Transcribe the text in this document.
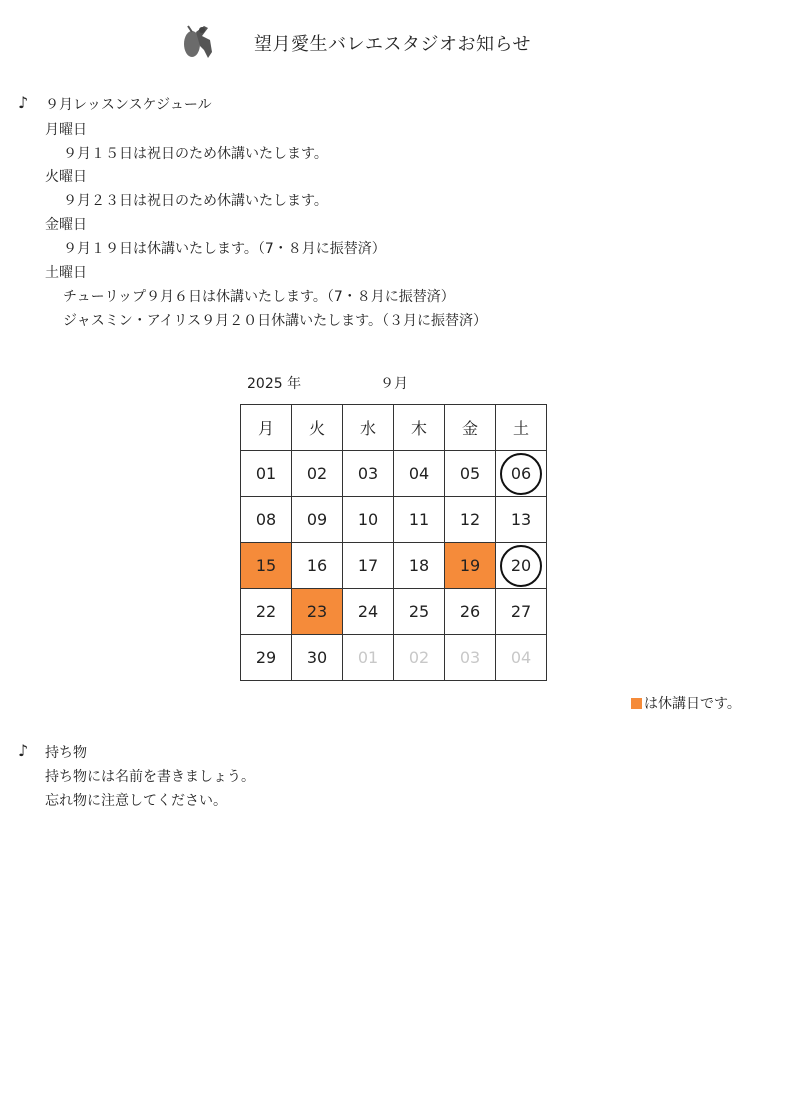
望月愛生バレエスタジオお知らせ
♪ ９月レッスンスケジュール
月曜日
９月１５日は祝日のため休講いたします。
火曜日
９月２３日は祝日のため休講いたします。
金曜日
９月１９日は休講いたします。（7・８月に振替済）
土曜日
チューリップ９月６日は休講いたします。（7・８月に振替済）
ジャスミン・アイリス９月２０日休講いたします。（３月に振替済）
2025 年	９月
月	火	水	木	金	土
01	02	03	04	05	06
08	09	10	11	12	13
15	16	17	18	19	20
22	23	24	25	26	27
29	30	01	02	03	04
は休講日です。
♪ 持ち物
持ち物には名前を書きましょう。
忘れ物に注意してください。
